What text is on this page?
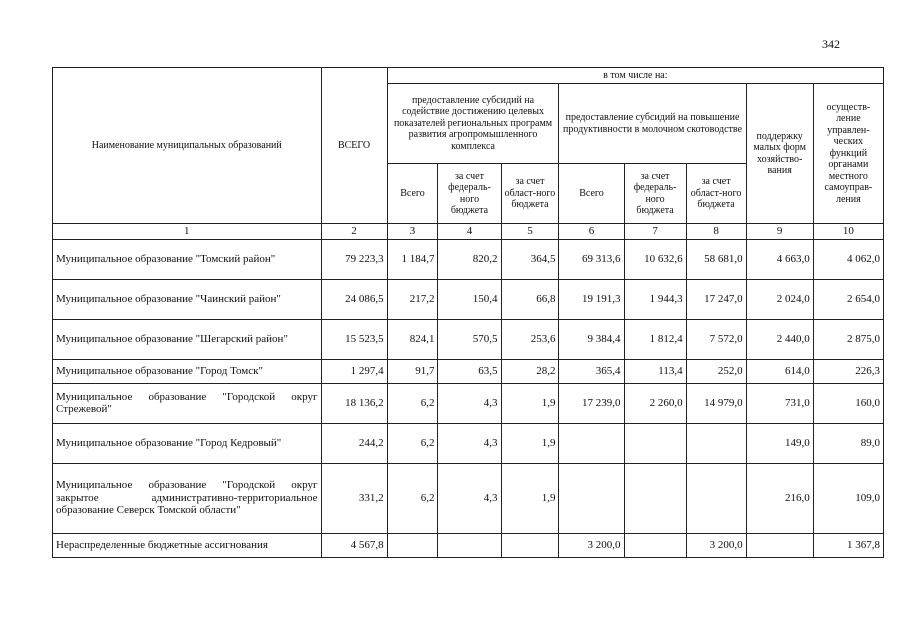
342
Наименование муниципальных образований	ВСЕГО	в том числе на:							
		предоставление субсидий на содействие достижению целевых показателей региональных программ развития агропромышленного комплекса			предоставление субсидий на повышение продуктивности в молочном скотоводстве			поддержку малых форм хозяйство-вания	осуществ-ление управлен-ческих функций органами местного самоуправ-ления
		Всего	за счет федераль-ного бюджета	за счет област-ного бюджета	Всего	за счет федераль-ного бюджета	за счет област-ного бюджета		
1	2	3	4	5	6	7	8	9	10
Муниципальное образование "Томский район"	79 223,3	1 184,7	820,2	364,5	69 313,6	10 632,6	58 681,0	4 663,0	4 062,0
Муниципальное образование "Чаинский район"	24 086,5	217,2	150,4	66,8	19 191,3	1 944,3	17 247,0	2 024,0	2 654,0
Муниципальное образование "Шегарский район"	15 523,5	824,1	570,5	253,6	9 384,4	1 812,4	7 572,0	2 440,0	2 875,0
Муниципальное образование "Город Томск"	1 297,4	91,7	63,5	28,2	365,4	113,4	252,0	614,0	226,3
Муниципальное образование "Городской округ Стрежевой"	18 136,2	6,2	4,3	1,9	17 239,0	2 260,0	14 979,0	731,0	160,0
Муниципальное образование "Город Кедровый"	244,2	6,2	4,3	1,9				149,0	89,0
Муниципальное образование "Городской округ закрытое административно-территориальное образование Северск Томской области"	331,2	6,2	4,3	1,9				216,0	109,0
Нераспределенные бюджетные ассигнования	4 567,8				3 200,0		3 200,0		1 367,8
